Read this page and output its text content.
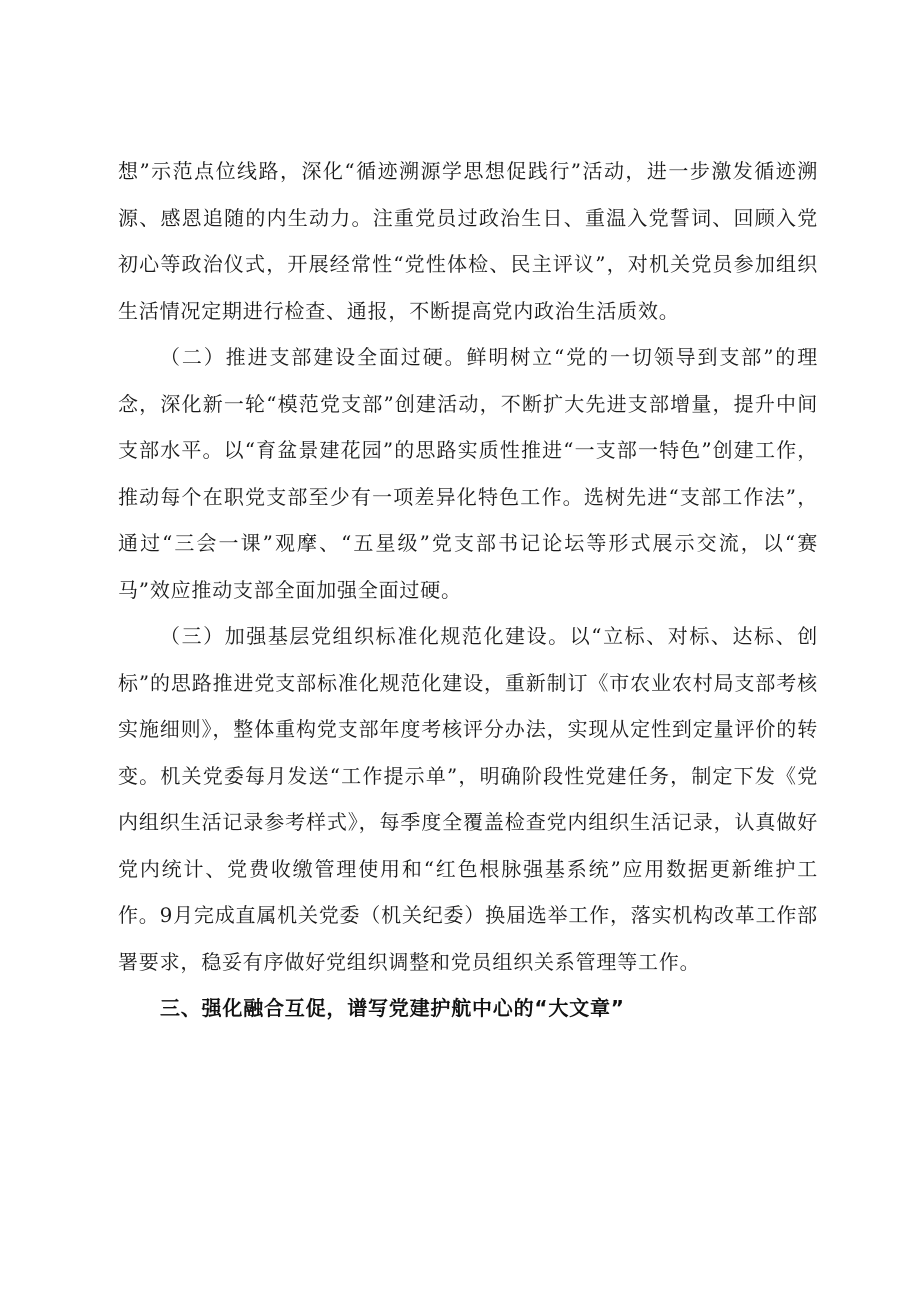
想”示范点位线路，深化“循迹溯源学思想促践行”活动，进一步激发循迹溯源、感恩追随的内生动力。注重党员过政治生日、重温入党誓词、回顾入党初心等政治仪式，开展经常性“党性体检、民主评议”，对机关党员参加组织生活情况定期进行检查、通报，不断提高党内政治生活质效。

（二）推进支部建设全面过硬。鲜明树立“党的一切领导到支部”的理念，深化新一轮“模范党支部”创建活动，不断扩大先进支部增量，提升中间支部水平。以“育盆景建花园”的思路实质性推进“一支部一特色”创建工作，推动每个在职党支部至少有一项差异化特色工作。选树先进“支部工作法”，通过“三会一课”观摩、“五星级”党支部书记论坛等形式展示交流，以“赛马”效应推动支部全面加强全面过硬。

（三）加强基层党组织标准化规范化建设。以“立标、对标、达标、创标”的思路推进党支部标准化规范化建设，重新制订《市农业农村局支部考核实施细则》，整体重构党支部年度考核评分办法，实现从定性到定量评价的转变。机关党委每月发送“工作提示单”，明确阶段性党建任务，制定下发《党内组织生活记录参考样式》，每季度全覆盖检查党内组织生活记录，认真做好党内统计、党费收缴管理使用和“红色根脉强基系统”应用数据更新维护工作。9月完成直属机关党委（机关纪委）换届选举工作，落实机构改革工作部署要求，稳妥有序做好党组织调整和党员组织关系管理等工作。

三、强化融合互促，谱写党建护航中心的“大文章”
